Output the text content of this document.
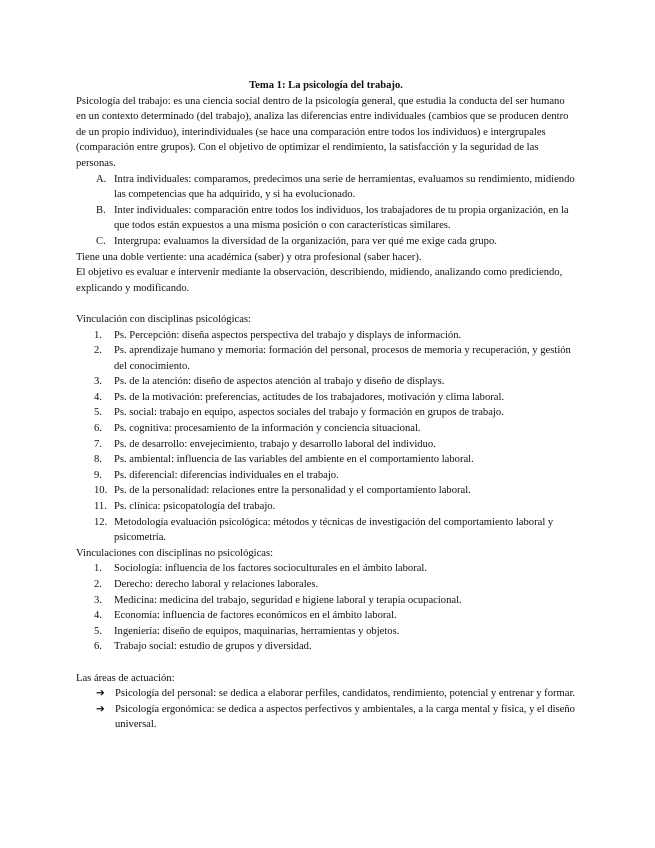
Tema 1: La psicología del trabajo.

Psicología del trabajo: es una ciencia social dentro de la psicología general, que estudia la conducta del ser humano en un contexto determinado (del trabajo), analiza las diferencias entre individuales (cambios que se producen dentro de un propio individuo), interindividuales (se hace una comparación entre todos los individuos) e intergrupales (comparación entre grupos). Con el objetivo de optimizar el rendimiento, la satisfacción y la seguridad de las personas.

A. Intra individuales: comparamos, predecimos una serie de herramientas, evaluamos su rendimiento, midiendo las competencias que ha adquirido, y si ha evolucionado.
B. Inter individuales: comparación entre todos los individuos, los trabajadores de tu propia organización, en la que todos están expuestos a una misma posición o con características similares.
C. Intergrupa: evaluamos la diversidad de la organización, para ver qué me exige cada grupo.

Tiene una doble vertiente: una académica (saber) y otra profesional (saber hacer).

El objetivo es evaluar e intervenir mediante la observación, describiendo, midiendo, analizando como prediciendo, explicando y modificando.

Vinculación con disciplinas psicológicas:

1. Ps. Percepción: diseña aspectos perspectiva del trabajo y displays de información.
2. Ps. aprendizaje humano y memoria: formación del personal, procesos de memoria y recuperación, y gestión del conocimiento.
3. Ps. de la atención: diseño de aspectos atención al trabajo y diseño de displays.
4. Ps. de la motivación: preferencias, actitudes de los trabajadores, motivación y clima laboral.
5. Ps. social: trabajo en equipo, aspectos sociales del trabajo y formación en grupos de trabajo.
6. Ps. cognitiva: procesamiento de la información y conciencia situacional.
7. Ps. de desarrollo: envejecimiento, trabajo y desarrollo laboral del individuo.
8. Ps. ambiental: influencia de las variables del ambiente en el comportamiento laboral.
9. Ps. diferencial: diferencias individuales en el trabajo.
10. Ps. de la personalidad: relaciones entre la personalidad y el comportamiento laboral.
11. Ps. clínica: psicopatología del trabajo.
12. Metodología evaluación psicológica: métodos y técnicas de investigación del comportamiento laboral y psicometría.

Vinculaciones con disciplinas no psicológicas:

1. Sociología: influencia de los factores socioculturales en el ámbito laboral.
2. Derecho: derecho laboral y relaciones laborales.
3. Medicina: medicina del trabajo, seguridad e higiene laboral y terapia ocupacional.
4. Economía: influencia de factores económicos en el ámbito laboral.
5. Ingeniería: diseño de equipos, maquinarias, herramientas y objetos.
6. Trabajo social: estudio de grupos y diversidad.

Las áreas de actuación:

➔ Psicología del personal: se dedica a elaborar perfiles, candidatos, rendimiento, potencial y entrenar y formar.
➔ Psicología ergonómica: se dedica a aspectos perfectivos y ambientales, a la carga mental y física, y el diseño universal.
